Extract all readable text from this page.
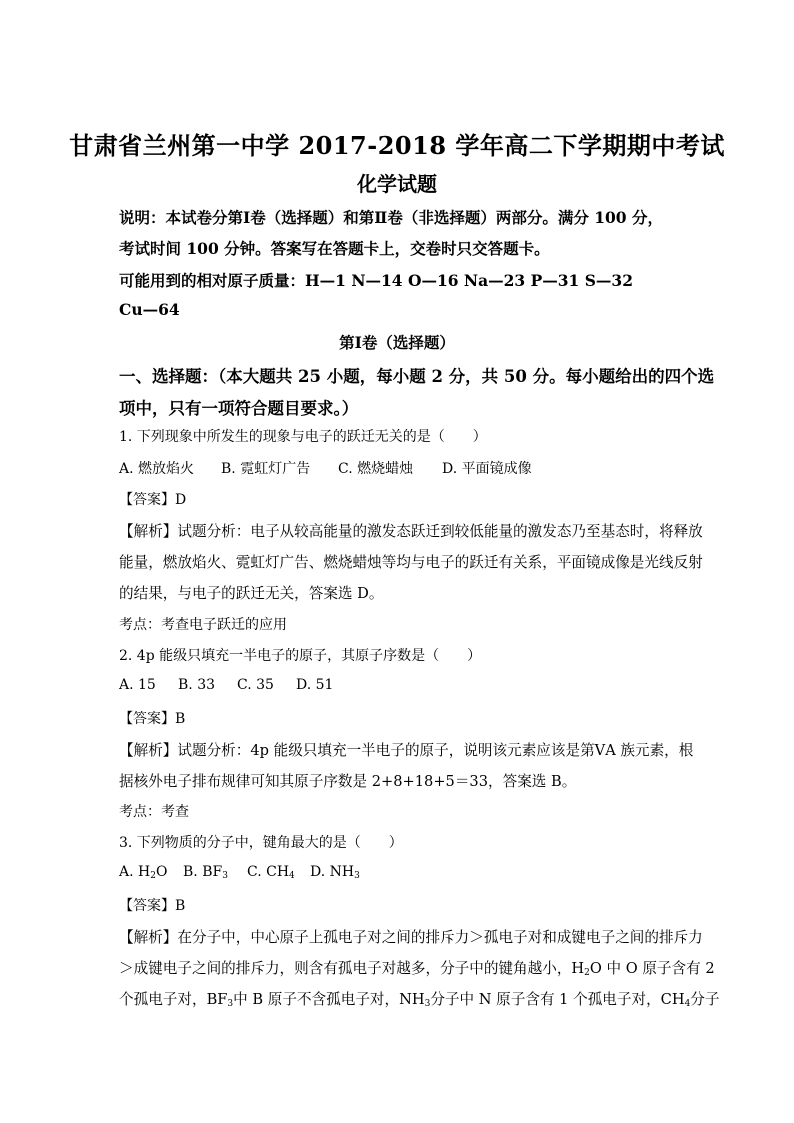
甘肃省兰州第一中学 2017-2018 学年高二下学期期中考试
化学试题
说明：本试卷分第Ⅰ卷（选择题）和第Ⅱ卷（非选择题）两部分。满分 100 分，
考试时间 100 分钟。答案写在答题卡上，交卷时只交答题卡。
可能用到的相对原子质量：H—1 N—14 O—16 Na—23 P—31 S—32
Cu—64
第Ⅰ卷（选择题）
一、选择题：（本大题共 25 小题，每小题 2 分，共 50 分。每小题给出的四个选
项中，只有一项符合题目要求。）
1. 下列现象中所发生的现象与电子的跃迁无关的是（　　）
A. 燃放焰火 B. 霓虹灯广告 C. 燃烧蜡烛 D. 平面镜成像
【答案】D
【解析】试题分析：电子从较高能量的激发态跃迁到较低能量的激发态乃至基态时，将释放
能量，燃放焰火、霓虹灯广告、燃烧蜡烛等均与电子的跃迁有关系，平面镜成像是光线反射
的结果，与电子的跃迁无关，答案选 D。
考点：考查电子跃迁的应用
2. 4p 能级只填充一半电子的原子，其原子序数是（　　）
A. 15 B. 33 C. 35 D. 51
【答案】B
【解析】试题分析：4p 能级只填充一半电子的原子，说明该元素应该是第ⅤA 族元素，根
据核外电子排布规律可知其原子序数是 2+8+18+5＝33，答案选 B。
考点：考查
3. 下列物质的分子中，键角最大的是（　　）
A. $H_2O$ B. $BF_3$ C. $CH_4$ D. $NH_3$
【答案】B
【解析】在分子中，中心原子上孤电子对之间的排斥力＞孤电子对和成键电子之间的排斥力
＞成键电子之间的排斥力，则含有孤电子对越多，分子中的键角越小，$H_2O$ 中 O 原子含有 2
个孤电子对，$BF_3$中 B 原子不含孤电子对，$NH_3$分子中 N 原子含有 1 个孤电子对，$CH_4$分子
